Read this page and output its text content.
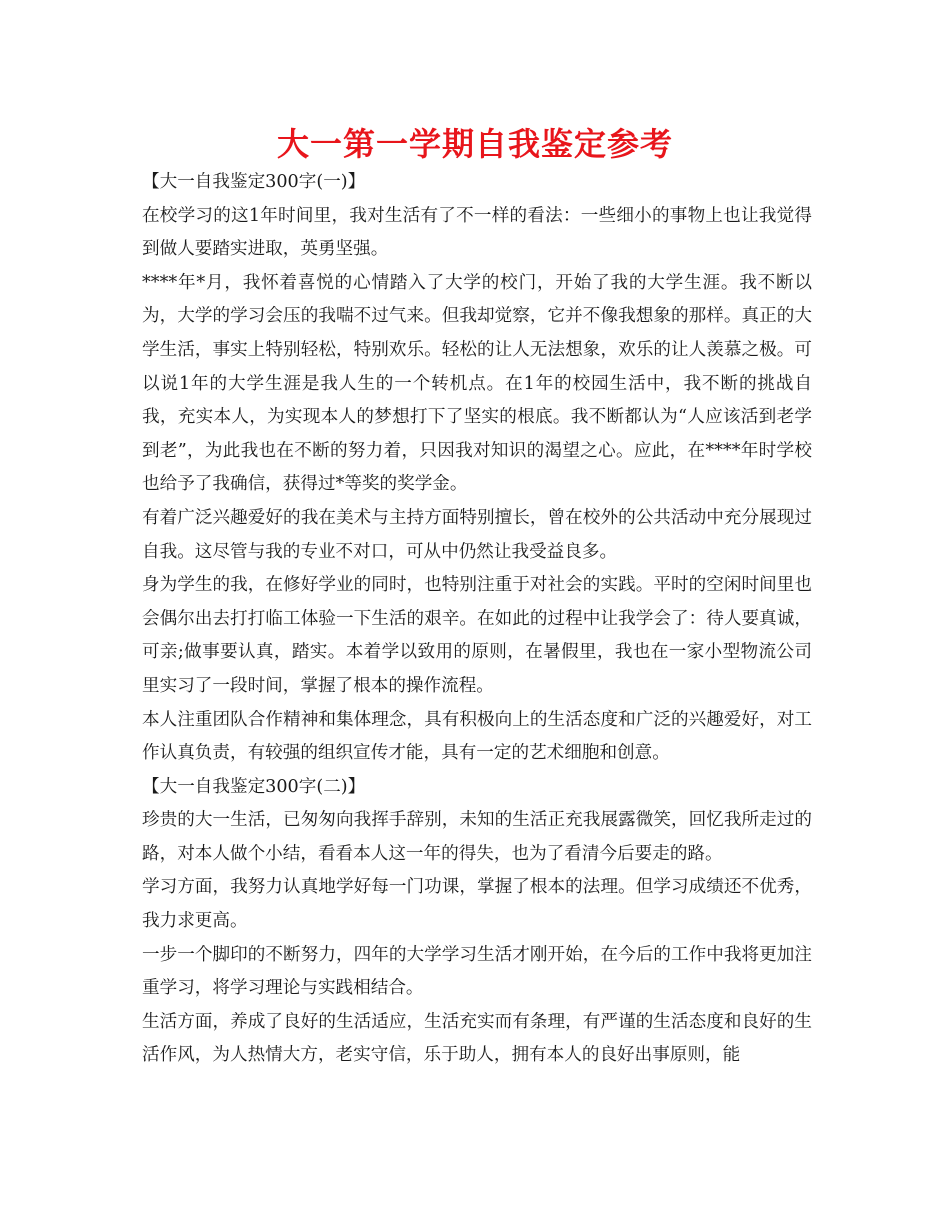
大一第一学期自我鉴定参考

【大一自我鉴定300字(一)】

在校学习的这1年时间里，我对生活有了不一样的看法：一些细小的事物上也让我觉得到做人要踏实进取，英勇坚强。

****年*月，我怀着喜悦的心情踏入了大学的校门，开始了我的大学生涯。我不断以为，大学的学习会压的我喘不过气来。但我却觉察，它并不像我想象的那样。真正的大学生活，事实上特别轻松，特别欢乐。轻松的让人无法想象，欢乐的让人羡慕之极。可以说1年的大学生涯是我人生的一个转机点。在1年的校园生活中，我不断的挑战自我，充实本人，为实现本人的梦想打下了坚实的根底。我不断都认为“人应该活到老学到老”，为此我也在不断的努力着，只因我对知识的渴望之心。应此，在****年时学校也给予了我确信，获得过*等奖的奖学金。

有着广泛兴趣爱好的我在美术与主持方面特别擅长，曾在校外的公共活动中充分展现过自我。这尽管与我的专业不对口，可从中仍然让我受益良多。

身为学生的我，在修好学业的同时，也特别注重于对社会的实践。平时的空闲时间里也会偶尔出去打打临工体验一下生活的艰辛。在如此的过程中让我学会了：待人要真诚，可亲;做事要认真，踏实。本着学以致用的原则，在暑假里，我也在一家小型物流公司里实习了一段时间，掌握了根本的操作流程。

本人注重团队合作精神和集体理念，具有积极向上的生活态度和广泛的兴趣爱好，对工作认真负责，有较强的组织宣传才能，具有一定的艺术细胞和创意。

【大一自我鉴定300字(二)】

珍贵的大一生活，已匆匆向我挥手辞别，未知的生活正充我展露微笑，回忆我所走过的路，对本人做个小结，看看本人这一年的得失，也为了看清今后要走的路。

学习方面，我努力认真地学好每一门功课，掌握了根本的法理。但学习成绩还不优秀，我力求更高。

一步一个脚印的不断努力，四年的大学学习生活才刚开始，在今后的工作中我将更加注重学习，将学习理论与实践相结合。

生活方面，养成了良好的生活适应，生活充实而有条理，有严谨的生活态度和良好的生活作风，为人热情大方，老实守信，乐于助人，拥有本人的良好出事原则，能
